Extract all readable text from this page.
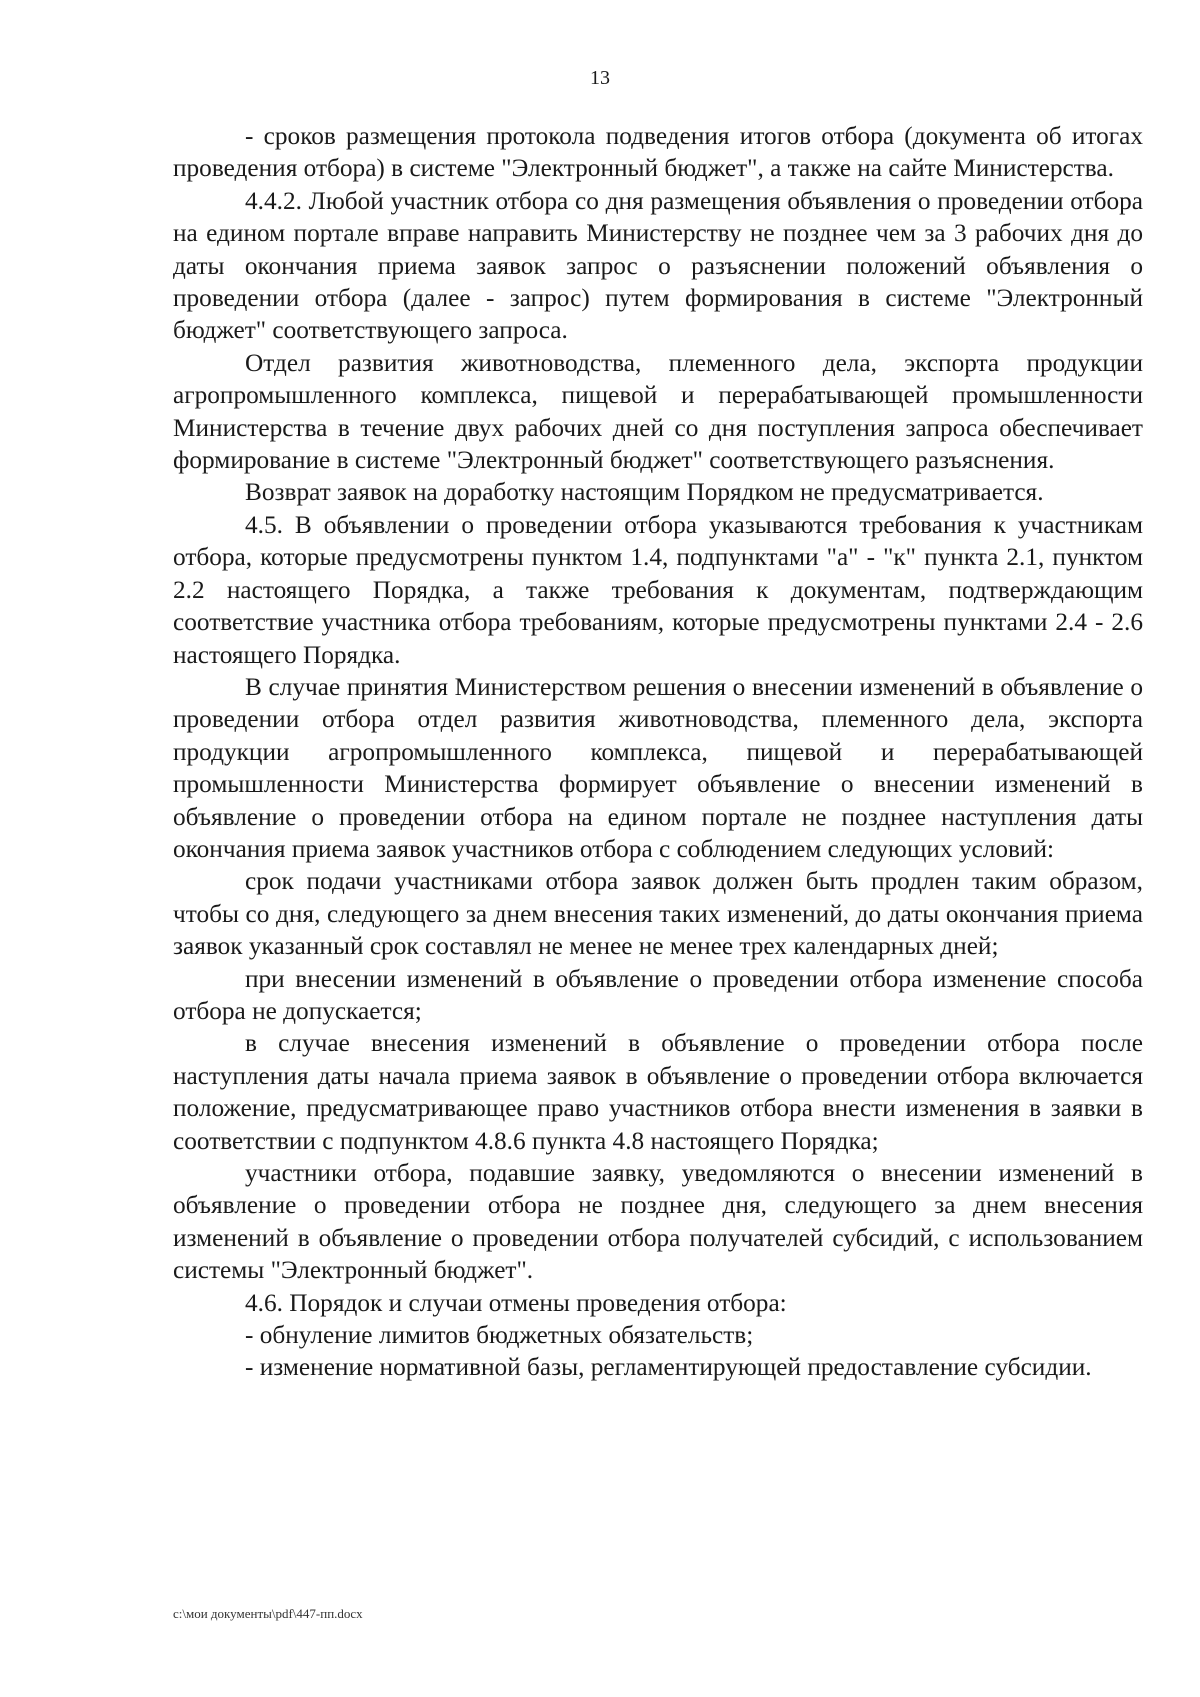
13

- сроков размещения протокола подведения итогов отбора (документа об итогах проведения отбора) в системе "Электронный бюджет", а также на сайте Министерства.

4.4.2. Любой участник отбора со дня размещения объявления о проведении отбора на едином портале вправе направить Министерству не позднее чем за 3 рабочих дня до даты окончания приема заявок запрос о разъяснении положений объявления о проведении отбора (далее - запрос) путем формирования в системе "Электронный бюджет" соответствующего запроса.

Отдел развития животноводства, племенного дела, экспорта продукции агропромышленного комплекса, пищевой и перерабатывающей промышленности Министерства в течение двух рабочих дней со дня поступления запроса обеспечивает формирование в системе "Электронный бюджет" соответствующего разъяснения.

Возврат заявок на доработку настоящим Порядком не предусматривается.

4.5. В объявлении о проведении отбора указываются требования к участникам отбора, которые предусмотрены пунктом 1.4, подпунктами "а" - "к" пункта 2.1, пунктом 2.2 настоящего Порядка, а также требования к документам, подтверждающим соответствие участника отбора требованиям, которые предусмотрены пунктами 2.4 - 2.6 настоящего Порядка.

В случае принятия Министерством решения о внесении изменений в объявление о проведении отбора отдел развития животноводства, племенного дела, экспорта продукции агропромышленного комплекса, пищевой и перерабатывающей промышленности Министерства формирует объявление о внесении изменений в объявление о проведении отбора на едином портале не позднее наступления даты окончания приема заявок участников отбора с соблюдением следующих условий:

срок подачи участниками отбора заявок должен быть продлен таким образом, чтобы со дня, следующего за днем внесения таких изменений, до даты окончания приема заявок указанный срок составлял не менее не менее трех календарных дней;

при внесении изменений в объявление о проведении отбора изменение способа отбора не допускается;

в случае внесения изменений в объявление о проведении отбора после наступления даты начала приема заявок в объявление о проведении отбора включается положение, предусматривающее право участников отбора внести изменения в заявки в соответствии с подпунктом 4.8.6 пункта 4.8 настоящего Порядка;

участники отбора, подавшие заявку, уведомляются о внесении изменений в объявление о проведении отбора не позднее дня, следующего за днем внесения изменений в объявление о проведении отбора получателей субсидий, с использованием системы "Электронный бюджет".

4.6. Порядок и случаи отмены проведения отбора:

- обнуление лимитов бюджетных обязательств;

- изменение нормативной базы, регламентирующей предоставление субсидии.

c:\мои документы\pdf\447-пп.docx
